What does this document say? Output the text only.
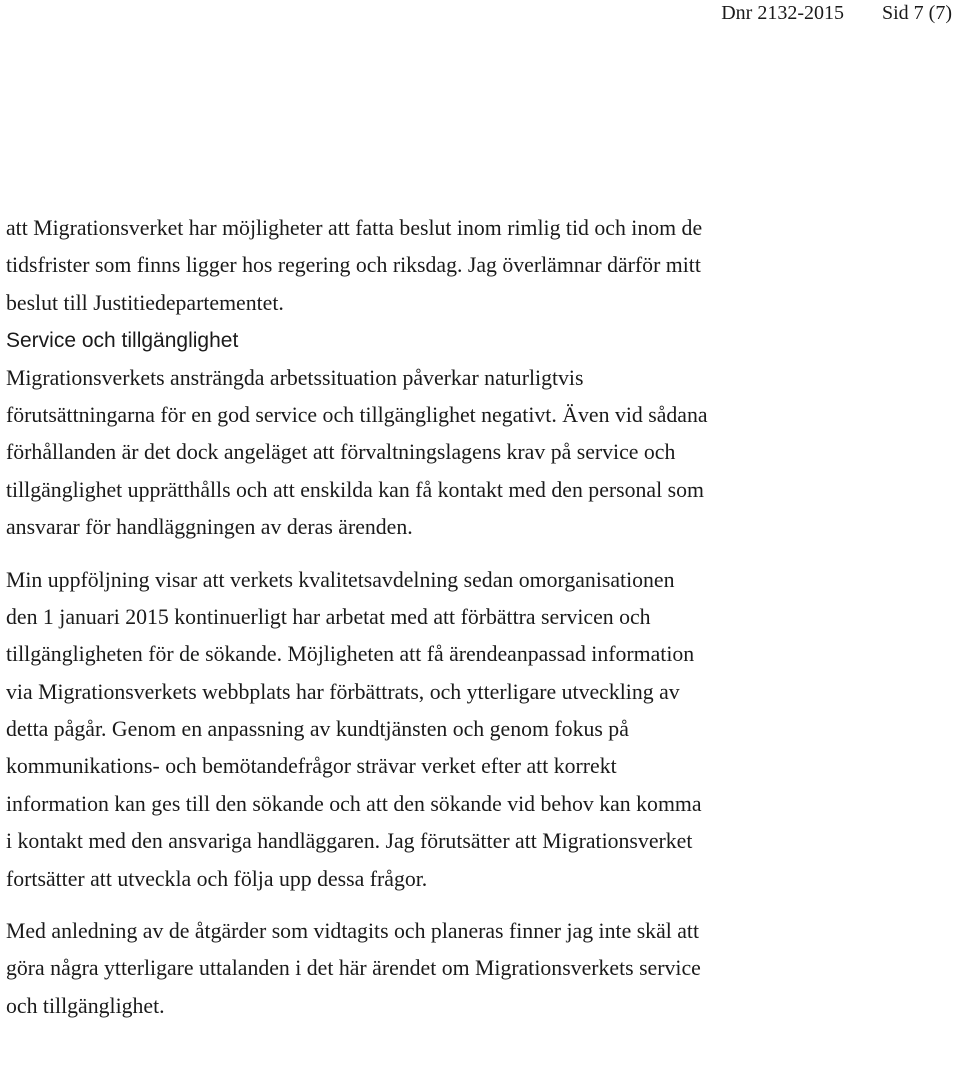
Dnr 2132-2015 Sid 7 (7)
att Migrationsverket har möjligheter att fatta beslut inom rimlig tid och inom de
tidsfrister som finns ligger hos regering och riksdag. Jag överlämnar därför mitt
beslut till Justitiedepartementet.
Service och tillgänglighet
Migrationsverkets ansträngda arbetssituation påverkar naturligtvis
förutsättningarna för en god service och tillgänglighet negativt. Även vid sådana
förhållanden är det dock angeläget att förvaltningslagens krav på service och
tillgänglighet upprätthålls och att enskilda kan få kontakt med den personal som
ansvarar för handläggningen av deras ärenden.
Min uppföljning visar att verkets kvalitetsavdelning sedan omorganisationen
den 1 januari 2015 kontinuerligt har arbetat med att förbättra servicen och
tillgängligheten för de sökande. Möjligheten att få ärendeanpassad information
via Migrationsverkets webbplats har förbättrats, och ytterligare utveckling av
detta pågår. Genom en anpassning av kundtjänsten och genom fokus på
kommunikations- och bemötandefrågor strävar verket efter att korrekt
information kan ges till den sökande och att den sökande vid behov kan komma
i kontakt med den ansvariga handläggaren. Jag förutsätter att Migrationsverket
fortsätter att utveckla och följa upp dessa frågor.
Med anledning av de åtgärder som vidtagits och planeras finner jag inte skäl att
göra några ytterligare uttalanden i det här ärendet om Migrationsverkets service
och tillgänglighet.
